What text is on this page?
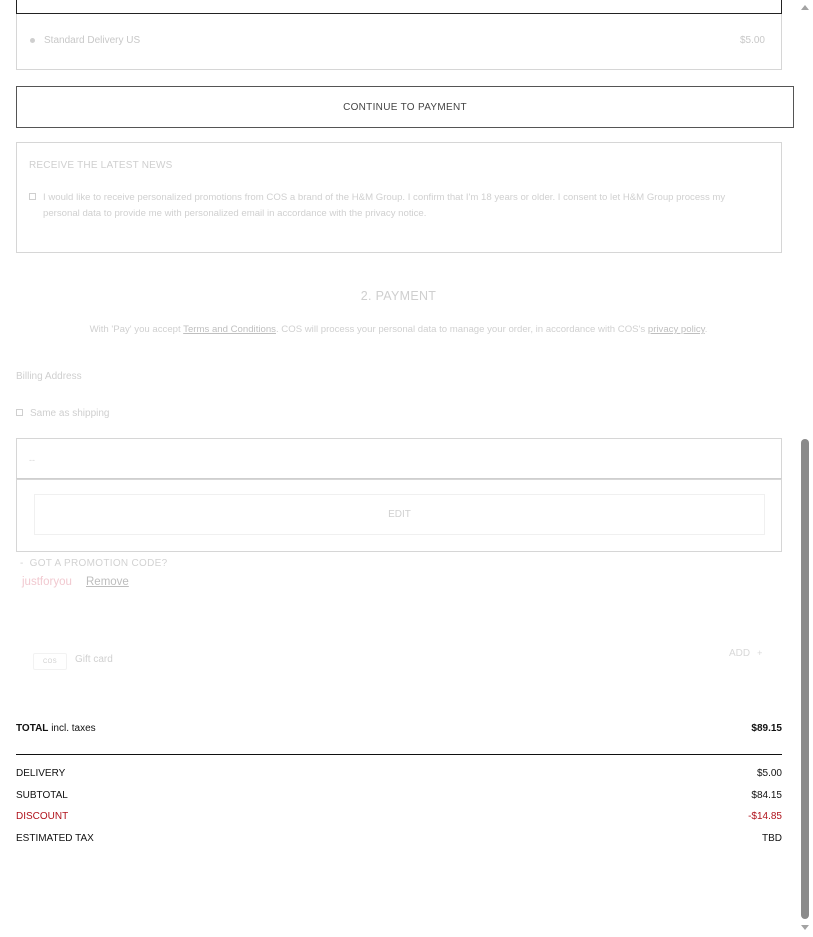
Standard Delivery US	$5.00
CONTINUE TO PAYMENT
RECEIVE THE LATEST NEWS
I would like to receive personalized promotions from COS a brand of the H&M Group. I confirm that I'm 18 years or older. I consent to let H&M Group process my personal data to provide me with personalized email in accordance with the privacy notice.
2. PAYMENT
With 'Pay' you accept Terms and Conditions. COS will process your personal data to manage your order, in accordance with COS's privacy policy.
Billing Address
Same as shipping
--
EDIT
- GOT A PROMOTION CODE?
justforyou Remove
COS	Gift card
ADD +
TOTAL incl. taxes	$89.15
DELIVERY	$5.00
SUBTOTAL	$84.15
DISCOUNT	-$14.85
ESTIMATED TAX	TBD
